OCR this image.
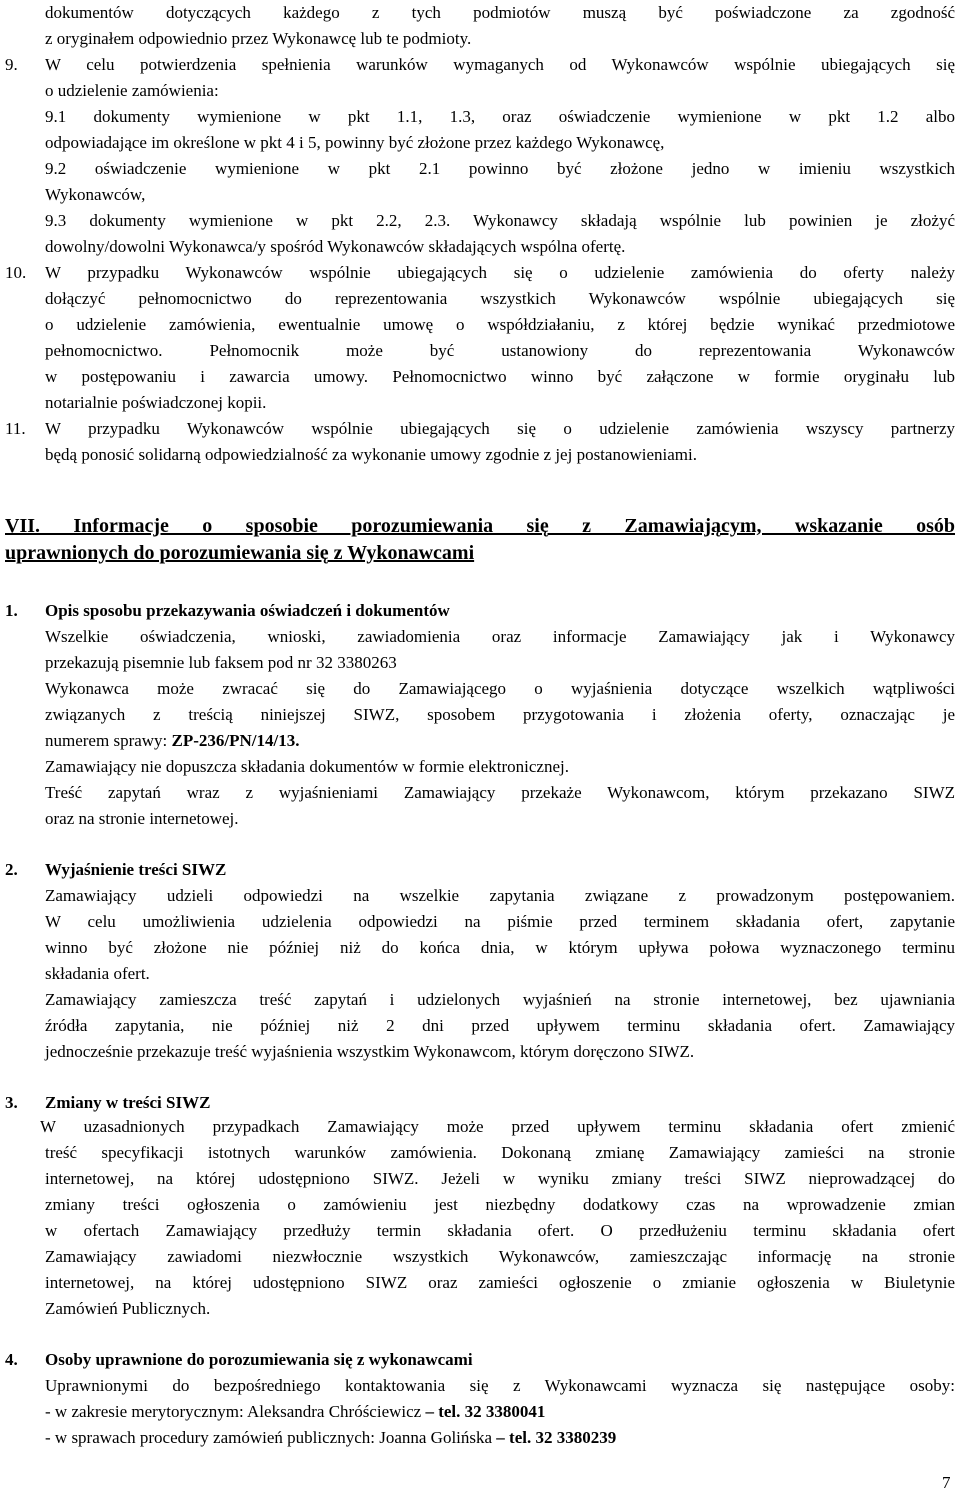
dokumentów dotyczących każdego z tych podmiotów muszą być poświadczone za zgodność
z oryginałem odpowiednio przez Wykonawcę lub te podmioty.
9. W celu potwierdzenia spełnienia warunków wymaganych od Wykonawców wspólnie ubiegających się
o udzielenie zamówienia:
9.1 dokumenty wymienione w pkt 1.1, 1.3, oraz oświadczenie wymienione w pkt 1.2 albo
odpowiadające im określone w pkt 4 i 5, powinny być złożone przez każdego Wykonawcę,
9.2 oświadczenie wymienione w pkt 2.1 powinno być złożone jedno w imieniu wszystkich
Wykonawców,
9.3 dokumenty wymienione w pkt 2.2, 2.3. Wykonawcy składają wspólnie lub powinien je złożyć
dowolny/dowolni Wykonawca/y spośród Wykonawców składających wspólna ofertę.
10. W przypadku Wykonawców wspólnie ubiegających się o udzielenie zamówienia do oferty należy
dołączyć pełnomocnictwo do reprezentowania wszystkich Wykonawców wspólnie ubiegających się
o udzielenie zamówienia, ewentualnie umowę o współdziałaniu, z której będzie wynikać przedmiotowe
pełnomocnictwo. Pełnomocnik może być ustanowiony do reprezentowania Wykonawców
w postępowaniu i zawarcia umowy. Pełnomocnictwo winno być załączone w formie oryginału lub
notarialnie poświadczonej kopii.
11. W przypadku Wykonawców wspólnie ubiegających się o udzielenie zamówienia wszyscy partnerzy
będą ponosić solidarną odpowiedzialność za wykonanie umowy zgodnie z jej postanowieniami.
VII. Informacje o sposobie porozumiewania się z Zamawiającym, wskazanie osób
uprawnionych do porozumiewania się z Wykonawcami
1. Opis sposobu przekazywania oświadczeń i dokumentów
Wszelkie oświadczenia, wnioski, zawiadomienia oraz informacje Zamawiający jak i Wykonawcy
przekazują pisemnie lub faksem pod nr 32 3380263
Wykonawca może zwracać się do Zamawiającego o wyjaśnienia dotyczące wszelkich wątpliwości
związanych z treścią niniejszej SIWZ, sposobem przygotowania i złożenia oferty, oznaczając je
numerem sprawy: ZP-236/PN/14/13.
Zamawiający nie dopuszcza składania dokumentów w formie elektronicznej.
Treść zapytań wraz z wyjaśnieniami Zamawiający przekaże Wykonawcom, którym przekazano SIWZ
oraz na stronie internetowej.
2. Wyjaśnienie treści SIWZ
Zamawiający udzieli odpowiedzi na wszelkie zapytania związane z prowadzonym postępowaniem.
W celu umożliwienia udzielenia odpowiedzi na piśmie przed terminem składania ofert, zapytanie
winno być złożone nie później niż do końca dnia, w którym upływa połowa wyznaczonego terminu
składania ofert.
Zamawiający zamieszcza treść zapytań i udzielonych wyjaśnień na stronie internetowej, bez ujawniania
źródła zapytania, nie później niż 2 dni przed upływem terminu składania ofert. Zamawiający
jednocześnie przekazuje treść wyjaśnienia wszystkim Wykonawcom, którym doręczono SIWZ.
3. Zmiany w treści SIWZ
W uzasadnionych przypadkach Zamawiający może przed upływem terminu składania ofert zmienić
treść specyfikacji istotnych warunków zamówienia. Dokonaną zmianę Zamawiający zamieści na stronie
internetowej, na której udostępniono SIWZ. Jeżeli w wyniku zmiany treści SIWZ nieprowadzącej do
zmiany treści ogłoszenia o zamówieniu jest niezbędny dodatkowy czas na wprowadzenie zmian
w ofertach Zamawiający przedłuży termin składania ofert. O przedłużeniu terminu składania ofert
Zamawiający zawiadomi niezwłocznie wszystkich Wykonawców, zamieszczając informację na stronie
internetowej, na której udostępniono SIWZ oraz zamieści ogłoszenie o zmianie ogłoszenia w Biuletynie
Zamówień Publicznych.
4. Osoby uprawnione do porozumiewania się z wykonawcami
Uprawnionymi do bezpośredniego kontaktowania się z Wykonawcami wyznacza się następujące osoby:
- w zakresie merytorycznym: Aleksandra Chróściewicz – tel. 32 3380041
- w sprawach procedury zamówień publicznych: Joanna Golińska – tel. 32 3380239
7
